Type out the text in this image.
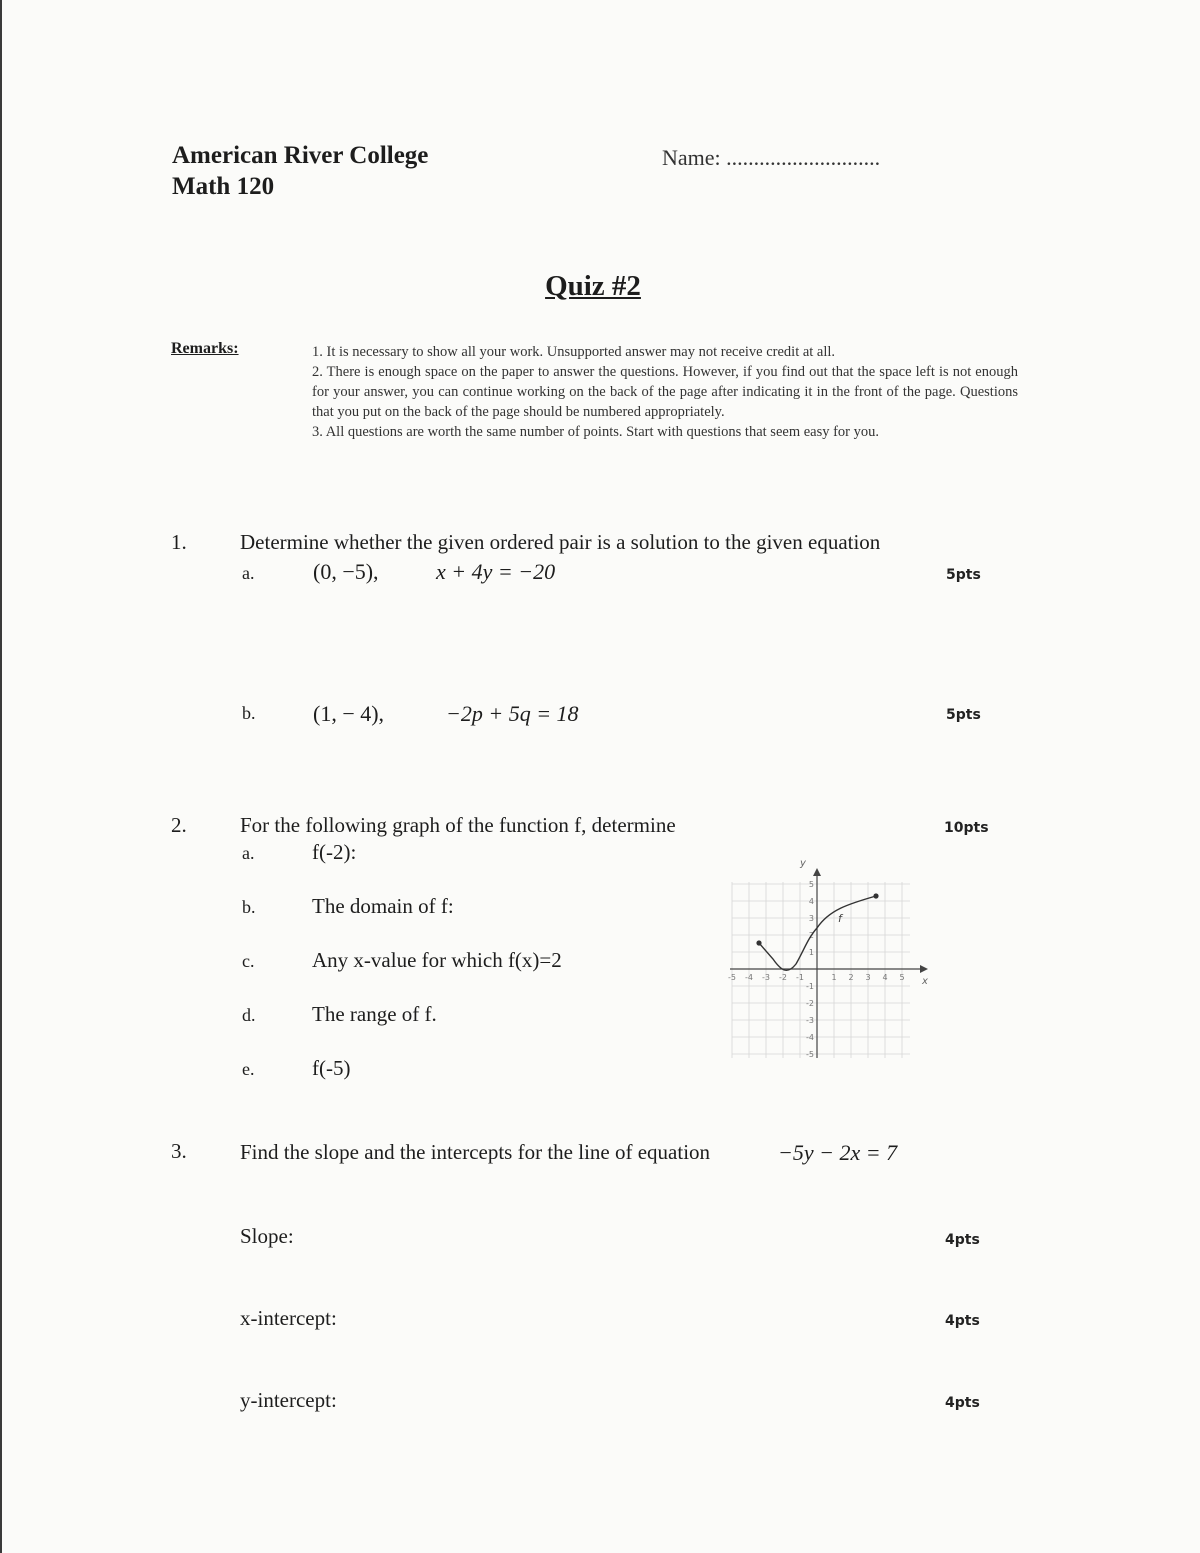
American River College
Math 120
Name: ............................
Quiz #2
Remarks:	1. It is necessary to show all your work. Unsupported answer may not receive credit at all.
2. There is enough space on the paper to answer the questions. However, if you find out that the space left is not enough for your answer, you can continue working on the back of the page after indicating it in the front of the page. Questions that you put on the back of the page should be numbered appropriately.
3. All questions are worth the same number of points. Start with questions that seem easy for you.
1.	Determine whether the given ordered pair is a solution to the given equation
a.	(0, −5),	x + 4y = −20	5pts
b.	(1, − 4),	−2p + 5q = 18	5pts
2.	For the following graph of the function f, determine	10pts
a.	f(-2):
b.	The domain of f:
c.	Any x-value for which f(x)=2
d.	The range of f.
e.	f(-5)
x
y
-5 -4 -3 -2 -1	1 2 3 4 5
5
4
3
2
1
-1
-2
-3
-4
-5
f
3.	Find the slope and the intercepts for the line of equation	−5y − 2x = 7
Slope:	4pts
x-intercept:	4pts
y-intercept:	4pts
